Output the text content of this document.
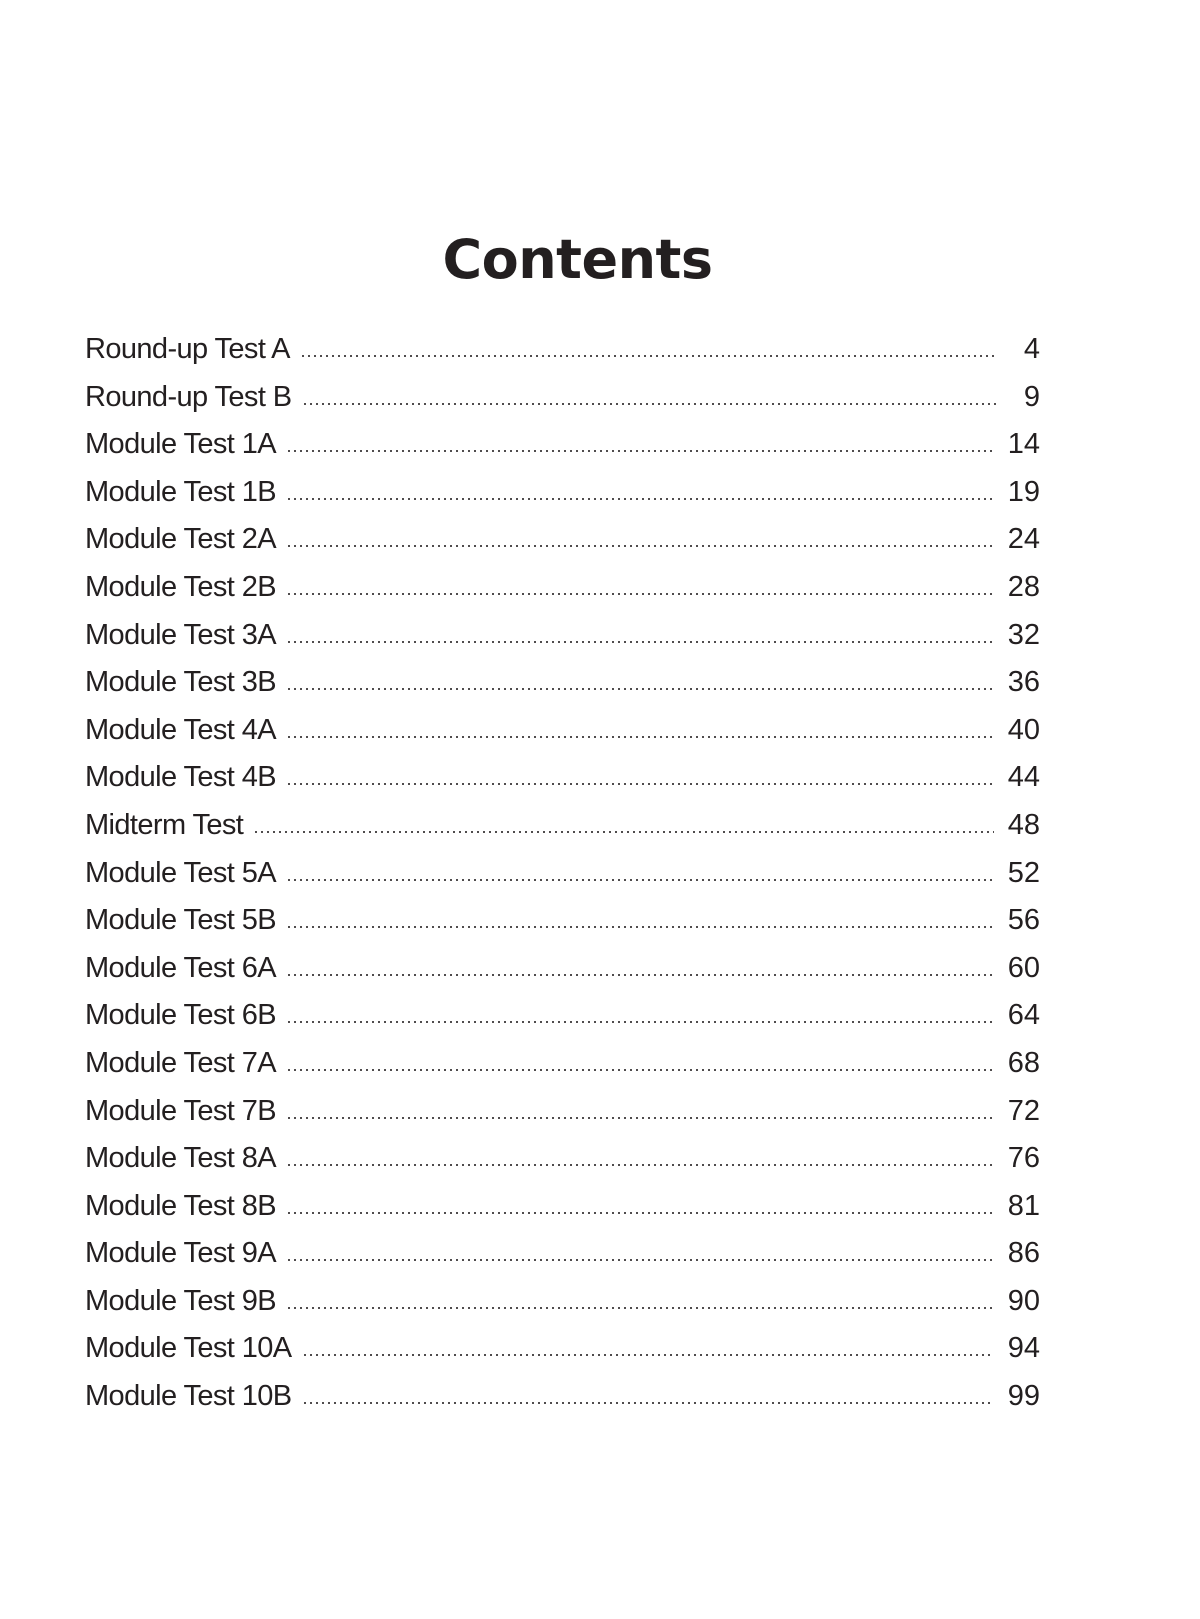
Contents
Round-up Test A	4
Round-up Test B	9
Module Test 1A	14
Module Test 1B	19
Module Test 2A	24
Module Test 2B	28
Module Test 3A	32
Module Test 3B	36
Module Test 4A	40
Module Test 4B	44
Midterm Test	48
Module Test 5A	52
Module Test 5B	56
Module Test 6A	60
Module Test 6B	64
Module Test 7A	68
Module Test 7B	72
Module Test 8A	76
Module Test 8B	81
Module Test 9A	86
Module Test 9B	90
Module Test 10A	94
Module Test 10B	99
